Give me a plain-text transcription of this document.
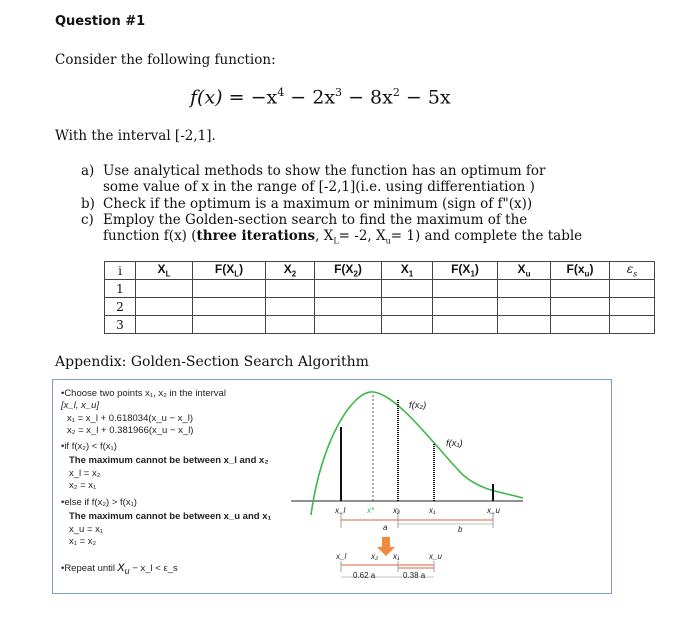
Question #1
Consider the following function:
$f(x) = -x^4 - 2x^3 - 8x^2 - 5x$
With the interval [-2,1].
a) Use analytical methods to show the function has an optimum for
some value of x in the range of [-2,1](i.e. using differentiation )
b) Check if the optimum is a maximum or minimum (sign of f"(x))
c) Employ the Golden-section search to find the maximum of the
function f(x) (three iterations, $X_L= -2$, $X_u= 1$) and complete the table
i	$X_L$	$F(X_L)$	$X_2$	$F(X_2)$	$X_1$	$F(X_1)$	$X_u$	$F(x_u)$	$\varepsilon_s$
1									
2									
3									
Appendix: Golden-Section Search Algorithm
•Choose two points x₁, x₂ in the interval
[x_l, x_u]
x₁ = x_l + 0.618034(x_u − x_l)
x₂ = x_l + 0.381966(x_u − x_l)
•if f(x₂) < f(x₁)
The maximum cannot be between x_l and x₂
x_l = x₂
x₂ = x₁
•else if f(x₂) > f(x₁)
The maximum cannot be between x_u and x₁
x_u = x₁
x₁ = x₂
•Repeat until $x_u$ − x_l < ε_s
f(x₂)
f(x₁)
x_l	x* x₂	x₁	x_u
a	b
x_l	x₂ x₁	x_u
0.62 a	0.38 a
